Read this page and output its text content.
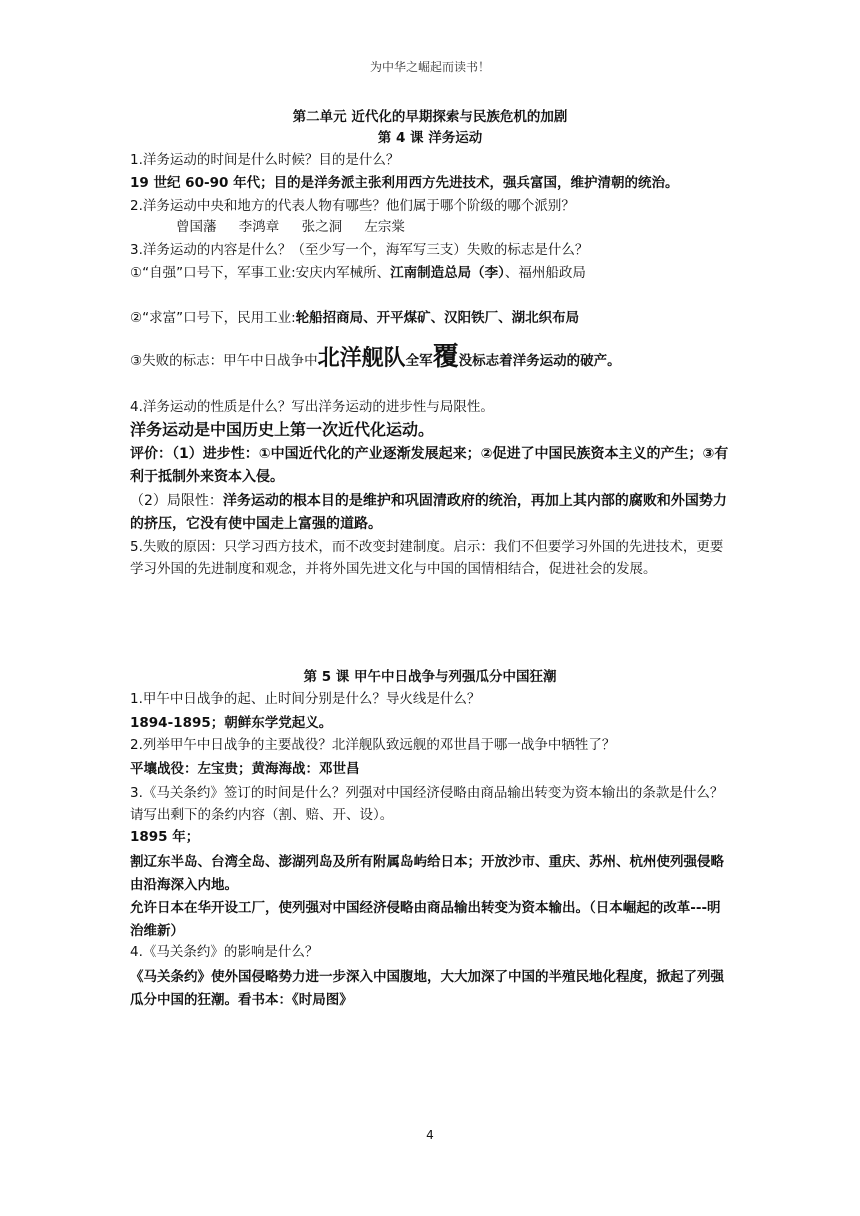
为中华之崛起而读书！
第二单元 近代化的早期探索与民族危机的加剧
第 4 课 洋务运动
1.洋务运动的时间是什么时候？目的是什么？
19 世纪 60-90 年代；目的是洋务派主张利用西方先进技术，强兵富国，维护清朝的统治。
2.洋务运动中央和地方的代表人物有哪些？他们属于哪个阶级的哪个派别？
曾国藩 李鸿章 张之洞 左宗棠
3.洋务运动的内容是什么？（至少写一个，海军写三支）失败的标志是什么？
①“自强”口号下，军事工业:安庆内军械所、江南制造总局（李）、福州船政局
②“求富”口号下，民用工业:轮船招商局、开平煤矿、汉阳铁厂、湖北织布局
③失败的标志：甲午中日战争中北洋舰队全军覆没标志着洋务运动的破产。
4.洋务运动的性质是什么？写出洋务运动的进步性与局限性。
洋务运动是中国历史上第一次近代化运动。
评价：（1）进步性：①中国近代化的产业逐渐发展起来；②促进了中国民族资本主义的产生；③有利于抵制外来资本入侵。
（2）局限性：洋务运动的根本目的是维护和巩固清政府的统治，再加上其内部的腐败和外国势力的挤压，它没有使中国走上富强的道路。
5.失败的原因：只学习西方技术，而不改变封建制度。启示：我们不但要学习外国的先进技术，更要学习外国的先进制度和观念，并将外国先进文化与中国的国情相结合，促进社会的发展。
第 5 课 甲午中日战争与列强瓜分中国狂潮
1.甲午中日战争的起、止时间分别是什么？导火线是什么？
1894-1895；朝鲜东学党起义。
2.列举甲午中日战争的主要战役？北洋舰队致远舰的邓世昌于哪一战争中牺牲了？
平壤战役：左宝贵；黄海海战：邓世昌
3.《马关条约》签订的时间是什么？列强对中国经济侵略由商品输出转变为资本输出的条款是什么？请写出剩下的条约内容（割、赔、开、设）。
1895 年；
割辽东半岛、台湾全岛、澎湖列岛及所有附属岛屿给日本；开放沙市、重庆、苏州、杭州使列强侵略由沿海深入内地。
允许日本在华开设工厂，使列强对中国经济侵略由商品输出转变为资本输出。（日本崛起的改革---明治维新）
4.《马关条约》的影响是什么？
《马关条约》使外国侵略势力进一步深入中国腹地，大大加深了中国的半殖民地化程度，掀起了列强瓜分中国的狂潮。看书本：《时局图》
4
